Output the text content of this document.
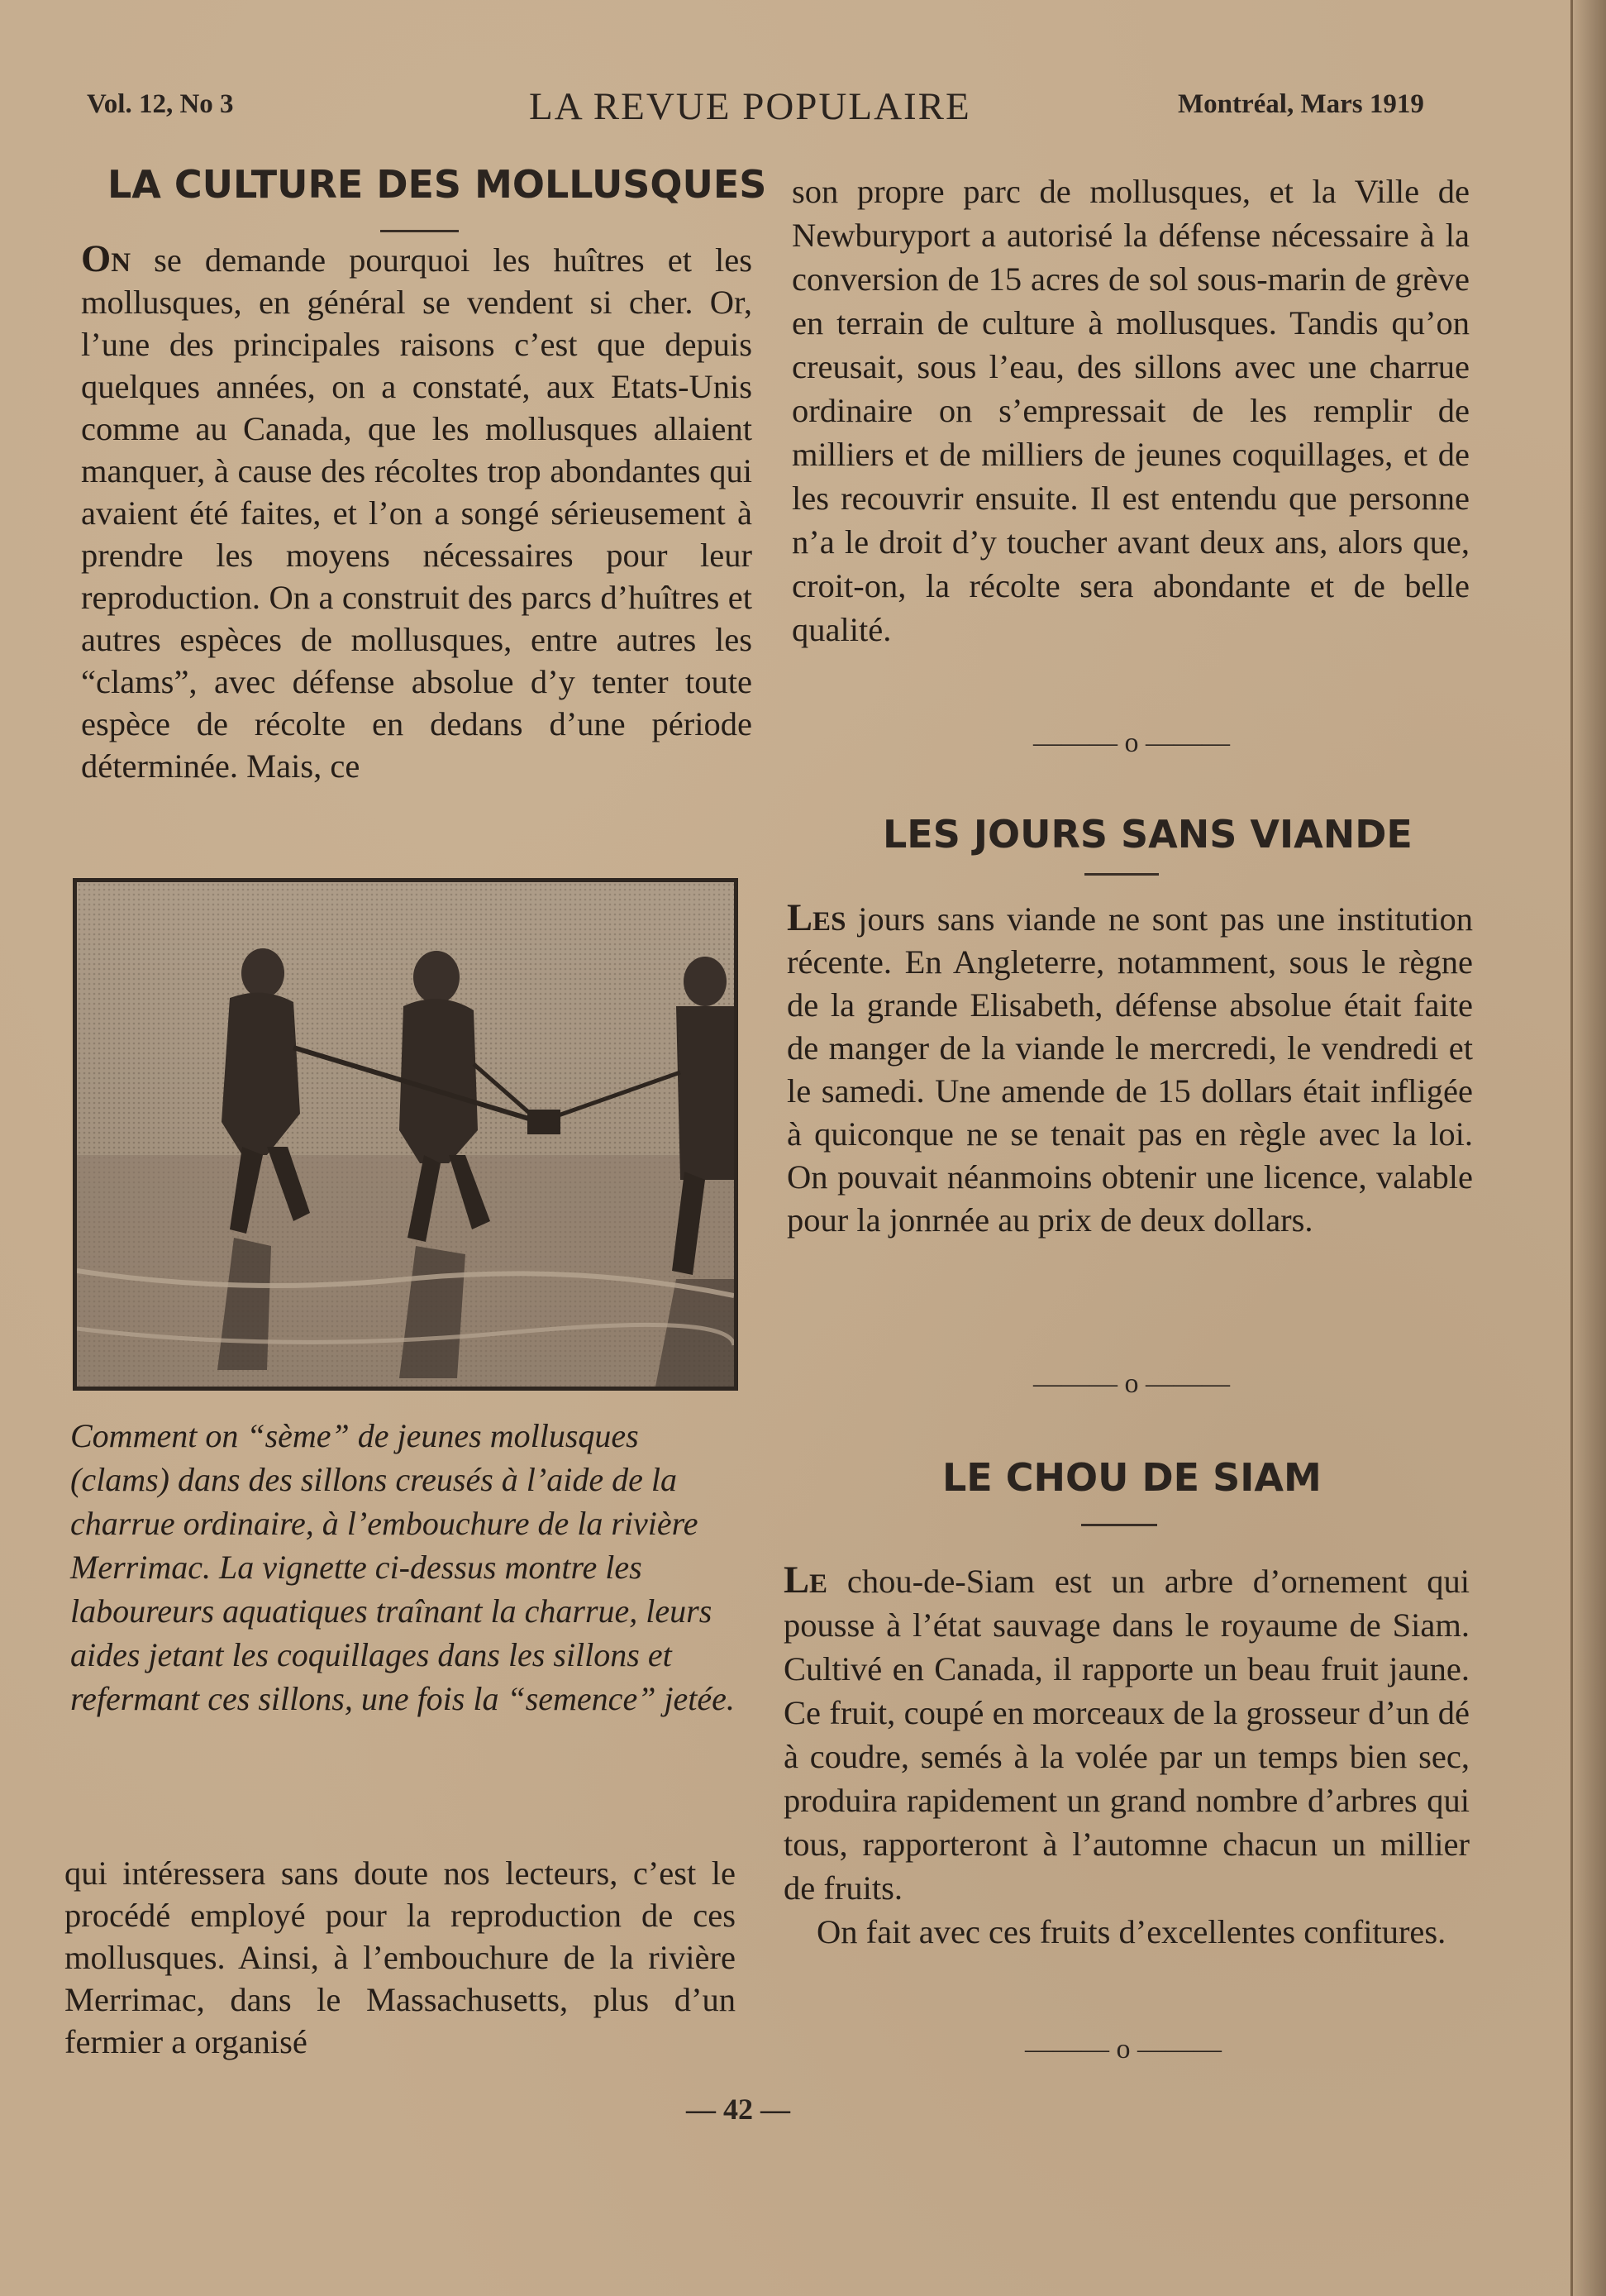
Vol. 12, No 3	LA REVUE POPULAIRE	Montréal, Mars 1919
LA CULTURE DES MOLLUSQUES

On se demande pourquoi les huîtres et les mollusques, en général se vendent si cher. Or, l’une des principales raisons c’est que depuis quelques années, on a constaté, aux Etats-Unis comme au Canada, que les mollusques allaient manquer, à cause des récoltes trop abondantes qui avaient été faites, et l’on a songé sérieusement à prendre les moyens nécessaires pour leur reproduction. On a construit des parcs d’huîtres et autres espèces de mollusques, entre autres les “clams”, avec défense absolue d’y tenter toute espèce de récolte en dedans d’une période déterminée. Mais, ce

Comment on “sème” de jeunes mollusques (clams) dans des sillons creusés à l’aide de la charrue ordinaire, à l’embouchure de la rivière Merrimac. La vignette ci-dessus montre les laboureurs aquatiques traînant la charrue, leurs aides jetant les coquillages dans les sillons et refermant ces sillons, une fois la “semence” jetée.

qui intéressera sans doute nos lecteurs, c’est le procédé employé pour la reproduction de ces mollusques. Ainsi, à l’embouchure de la rivière Merrimac, dans le Massachusetts, plus d’un fermier a organisé

son propre parc de mollusques, et la Ville de Newburyport a autorisé la défense nécessaire à la conversion de 15 acres de sol sous-marin de grève en terrain de culture à mollusques. Tandis qu’on creusait, sous l’eau, des sillons avec une charrue ordinaire on s’empressait de les remplir de milliers et de milliers de jeunes coquillages, et de les recouvrir ensuite. Il est entendu que personne n’a le droit d’y toucher avant deux ans, alors que, croit-on, la récolte sera abondante et de belle qualité.

——— o ———
LES JOURS SANS VIANDE

Les jours sans viande ne sont pas une institution récente. En Angleterre, notamment, sous le règne de la grande Elisabeth, défense absolue était faite de manger de la viande le mercredi, le vendredi et le samedi. Une amende de 15 dollars était infligée à quiconque ne se tenait pas en règle avec la loi. On pouvait néanmoins obtenir une licence, valable pour la jonrnée au prix de deux dollars.

——— o ———
LE CHOU DE SIAM

Le chou-de-Siam est un arbre d’ornement qui pousse à l’état sauvage dans le royaume de Siam. Cultivé en Canada, il rapporte un beau fruit jaune. Ce fruit, coupé en morceaux de la grosseur d’un dé à coudre, semés à la volée par un temps bien sec, produira rapidement un grand nombre d’arbres qui tous, rapporteront à l’automne chacun un millier de fruits.

On fait avec ces fruits d’excellentes confitures.

——— o ———
— 42 —
